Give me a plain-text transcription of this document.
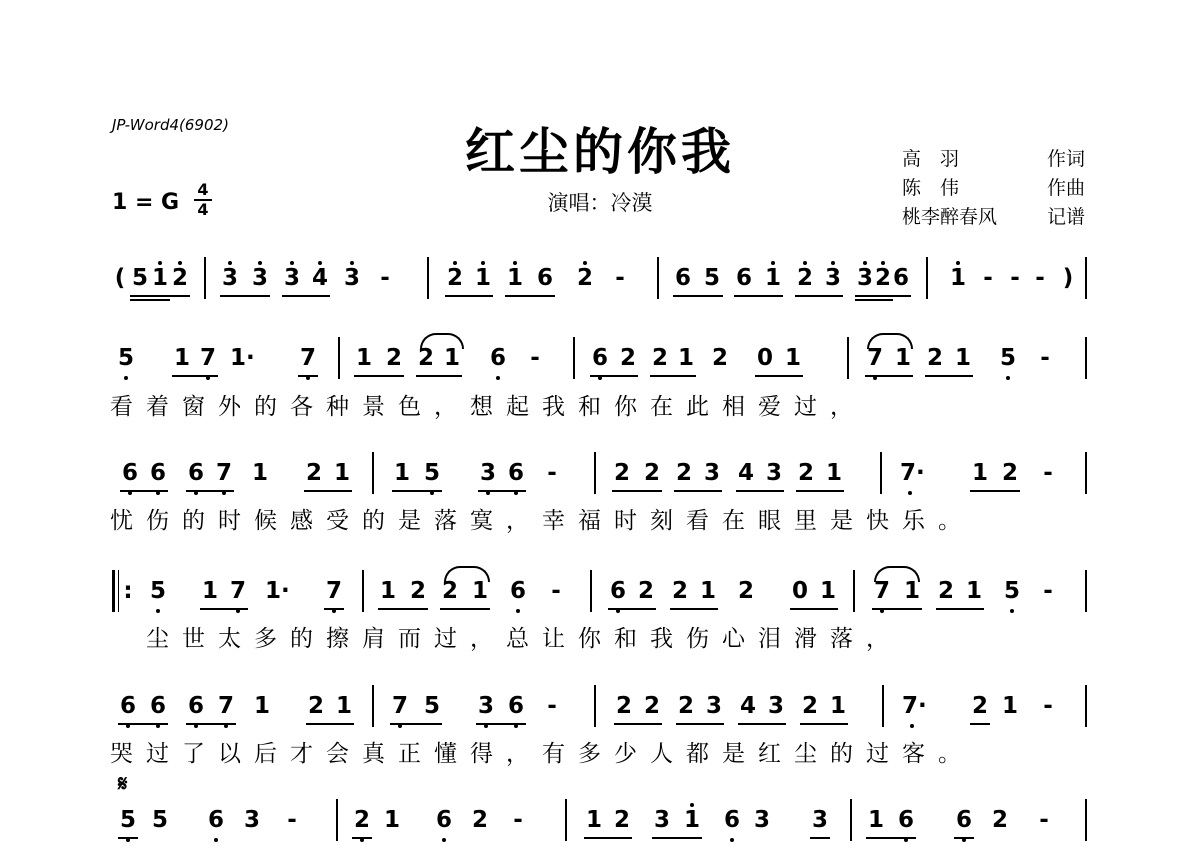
JP-Word4(6902)	红尘的你我
演唱：冷漠
高　羽	作词
陈　伟	作曲
桃李醉春风	记谱
1 = G
4
4
( 5 1 2 3 3 3 4 3 - 2 1 1 6 2 - 6 5 6 1 2 3 3 2 6 1 - - - )
5 1 7 1· 7 1 2 2 1 6 - 6 2 2 1 2 0 1	7 1 2 1 5 -
看着窗外的各种景色，想起我和你在此相爱过，
6 6 6 7 1 2 1 1 5 3 6 - 2 2 2 3 4 3 2 1	7· 1 2 -
忧伤的时候感受的是落寞，幸福时刻看在眼里是快乐。
: 5 1 7 1· 7 1 2 2 1 6 - 6 2 2 1 2 0 1 7 1 2 1 5 -
尘世太多的擦肩而过，总让你和我伤心泪滑落，
6 6 6 7 1 2 1 7 5 3 6 -	2 2 2 3 4 3 2 1 7· 2 1 -
哭过了以后才会真正懂得，有多少人都是红尘的过客。
𝄋
5 5 6 3 - 2 1 6 2 -	1 2 3 1 6 3 3 1 6 6 2 -
